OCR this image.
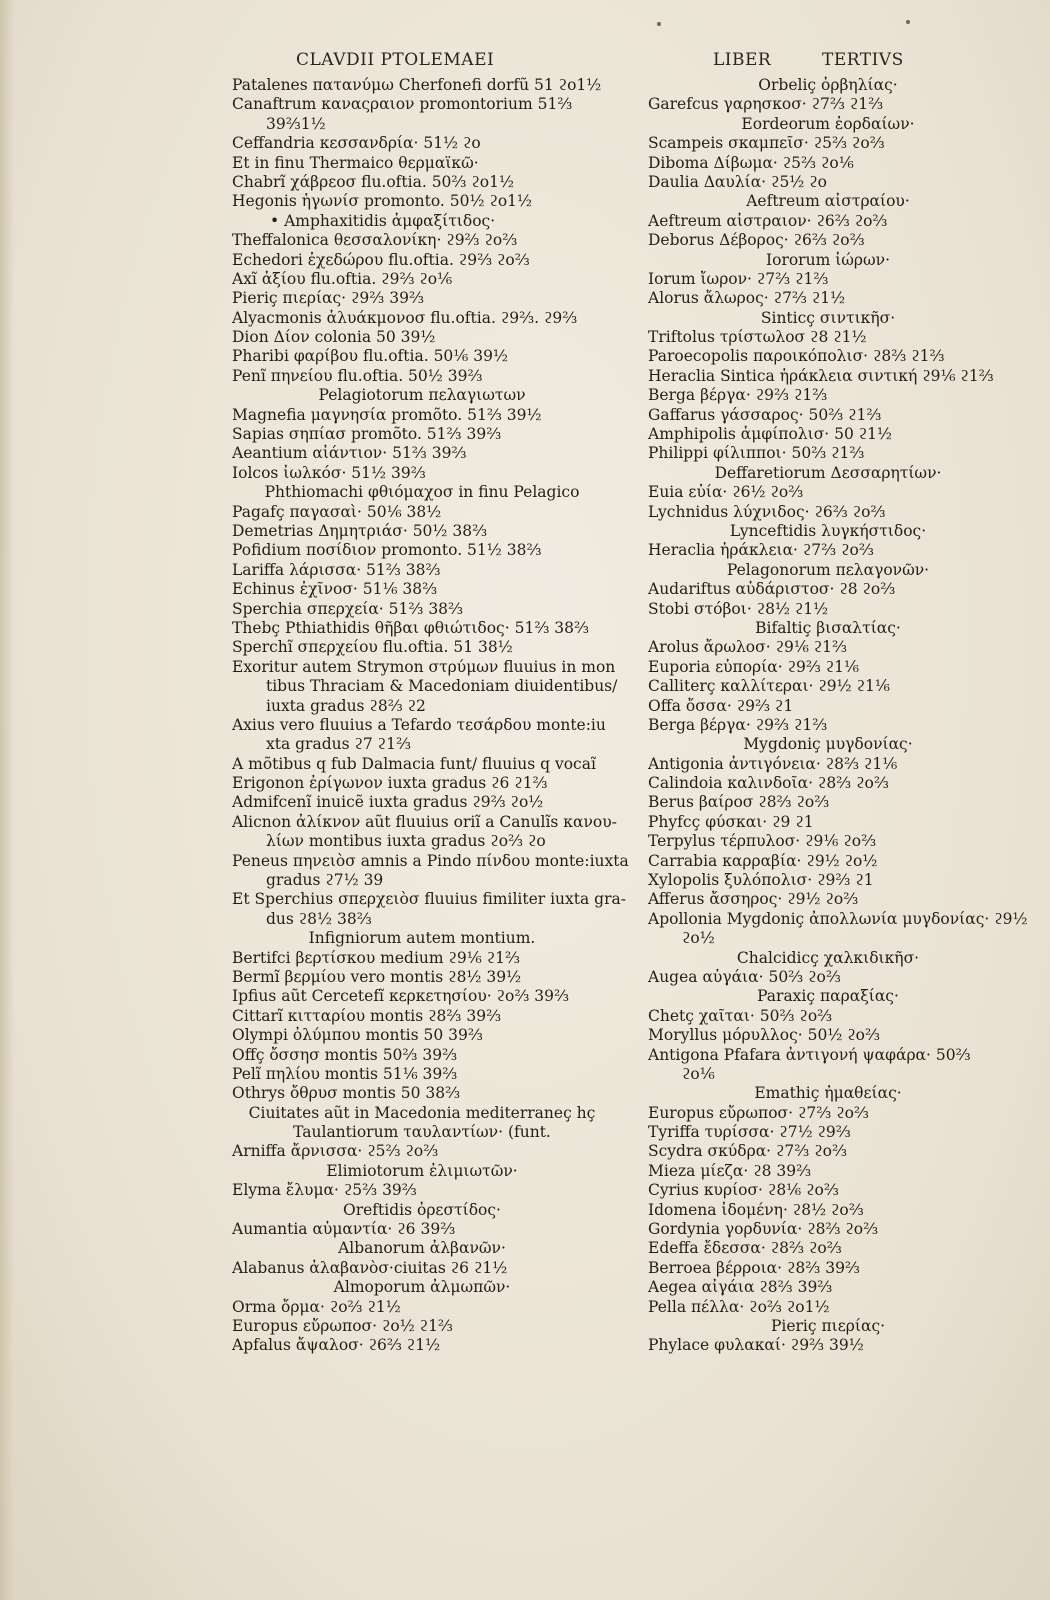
CLAVDII PTOLEMAEI	LIBER	TERTIVS
Patalenes πατανύμω Cherfonefi dorfũ 51 ϩο1½
Canaftrum καναςραιον promontorium 51⅔
39⅔1½
Ceffandria κεσσανδρία· 51½ ϩο
Et in finu Thermaico θερμαϊκῶ·
Chabrĩ χάβρεοσ flu.oftia. 50⅔ ϩο1½
Hegonis ἡγωνίσ promonto. 50½ ϩο1½
• Amphaxitidis ἀμφαξίτιδος·
Theffalonica θεσσαλονίκη· ϩ9⅔ ϩο⅔
Echedori ἐχεδώρου flu.oftia. ϩ9⅔ ϩο⅔
Axĩ ἀξίου flu.oftia. ϩ9⅔ ϩο⅙
Pieriç πιερίας· ϩ9⅔ 39⅔
Alyacmonis ἀλυάκμονοσ flu.oftia. ϩ9⅔. ϩ9⅔
Dion Δίον colonia 50 39½
Pharibi φαρίβου flu.oftia. 50⅙ 39½
Penĩ πηνείου flu.oftia. 50½ 39⅔
Pelagiotorum πελαγιωτων
Magnefia μαγνησία promõto. 51⅔ 39½
Sapias σηπίασ promõto. 51⅔ 39⅔
Aeantium αἰάντιον· 51⅔ 39⅔
Iolcos ἰωλκόσ· 51½ 39⅔
Phthiomachi φθιόμαχοσ in finu Pelagico
Pagafç παγασαὶ· 50⅙ 38½
Demetrias Δημητριάσ· 50½ 38⅔
Pofidium ποσίδιον promonto. 51½ 38⅔
Lariffa λάρισσα· 51⅔ 38⅔
Echinus ἐχῖνοσ· 51⅙ 38⅔
Sperchia σπερχεία· 51⅔ 38⅔
Thebç Pthiathidis θῆβαι φθιώτιδος· 51⅔ 38⅔
Sperchĩ σπερχείου flu.oftia. 51 38½
Exoritur autem Strymon στρύμων fluuius in mon
tibus Thraciam & Macedoniam diuidentibus/
iuxta gradus ϩ8⅔ ϩ2
Axius vero fluuius a Tefardo τεσάρδου monte:iu
xta gradus ϩ7 ϩ1⅔
A mõtibus q fub Dalmacia funt/ fluuius q vocaĩ
Erigonon ἐρίγωνον iuxta gradus ϩ6 ϩ1⅔
Admifcenĩ inuicẽ iuxta gradus ϩ9⅔ ϩο½
Alicnon ἀλίκνον aũt fluuius oriĩ a Canulĩs κανου-
λίων montibus iuxta gradus ϩο⅔ ϩο
Peneus πηνειὸσ amnis a Pindo πίνδου monte:iuxta
gradus ϩ7½ 39
Et Sperchius σπερχειὸσ fluuius fimiliter iuxta gra-
dus ϩ8½ 38⅔
Infigniorum autem montium.
Bertifci βερτίσκου medium ϩ9⅙ ϩ1⅔
Bermĩ βερμίου vero montis ϩ8½ 39½
Ipfius aũt Cercetefĩ κερκετησίου· ϩο⅔ 39⅔
Cittarĩ κιτταρίου montis ϩ8⅔ 39⅔
Olympi ὀλύμπου montis 50 39⅔
Offç ὄσσησ montis 50⅔ 39⅔
Pelĩ πηλίου montis 51⅙ 39⅔
Othrys ὄθρυσ montis 50 38⅔
Ciuitates aũt in Macedonia mediterraneç hç
Taulantiorum ταυλαντίων· (funt.
Arniffa ἄρνισσα· ϩ5⅔ ϩο⅔
Elimiotorum ἐλιμιωτῶν·
Elyma ἔλυμα· ϩ5⅔ 39⅔
Oreftidis ὀρεστίδος·
Aumantia αὐμαντία· ϩ6 39⅔
Albanorum ἀλβανῶν·
Alabanus ἀλαβανὸσ·ciuitas ϩ6 ϩ1½
Almoporum ἀλμωπῶν·
Orma ὄρμα· ϩο⅔ ϩ1½
Europus εὔρωποσ· ϩο½ ϩ1⅔
Apfalus ἄψαλοσ· ϩ6⅔ ϩ1½
Orbeliç ὀρβηλίας·
Garefcus γαρησκοσ· ϩ7⅔ ϩ1⅔
Eordeorum ἐορδαίων·
Scampeis σκαμπεῖσ· ϩ5⅔ ϩο⅔
Diboma Δίβωμα· ϩ5⅔ ϩο⅙
Daulia Δαυλία· ϩ5½ ϩο
Aeftreum αἰστραίου·
Aeftreum αἰστραιον· ϩ6⅔ ϩο⅔
Deborus Δέβορος· ϩ6⅔ ϩο⅔
Iororum ἰώρων·
Iorum ἴωρον· ϩ7⅔ ϩ1⅔
Alorus ἄλωρος· ϩ7⅔ ϩ1½
Sinticç σιντικῆσ·
Triftolus τρίστωλοσ ϩ8 ϩ1½
Paroecopolis παροικόπολισ· ϩ8⅔ ϩ1⅔
Heraclia Sintica ἡράκλεια σιντική ϩ9⅙ ϩ1⅔
Berga βέργα· ϩ9⅔ ϩ1⅔
Gaffarus γάσσαρος· 50⅔ ϩ1⅔
Amphipolis ἀμφίπολισ· 50 ϩ1½
Philippi φίλιπποι· 50⅔ ϩ1⅔
Deffaretiorum Δεσσαρητίων·
Euia εὐία· ϩ6½ ϩο⅔
Lychnidus λύχνιδος· ϩ6⅔ ϩο⅔
Lynceftidis λυγκήστιδος·
Heraclia ἡράκλεια· ϩ7⅔ ϩο⅔
Pelagonorum πελαγονῶν·
Audariftus αὐδάριστοσ· ϩ8 ϩο⅔
Stobi στόβοι· ϩ8½ ϩ1½
Bifaltiç βισαλτίας·
Arolus ἄρωλοσ· ϩ9⅙ ϩ1⅔
Euporia εὐπορία· ϩ9⅔ ϩ1⅙
Calliterç καλλίτεραι· ϩ9½ ϩ1⅙
Offa ὄσσα· ϩ9⅔ ϩ1
Berga βέργα· ϩ9⅔ ϩ1⅔
Mygdoniç μυγδονίας·
Antigonia ἀντιγόνεια· ϩ8⅔ ϩ1⅙
Calindoia καλινδοῖα· ϩ8⅔ ϩο⅔
Berus βαίροσ ϩ8⅔ ϩο⅔
Phyfcç φύσκαι· ϩ9 ϩ1
Terpylus τέρπυλοσ· ϩ9⅙ ϩο⅔
Carrabia καρραβία· ϩ9½ ϩο½
Xylopolis ξυλόπολισ· ϩ9⅔ ϩ1
Afferus ἄσσηρος· ϩ9½ ϩο⅔
Apollonia Mygdoniç ἀπολλωνία μυγδονίας· ϩ9½
ϩο½
Chalcidicç χαλκιδικῆσ·
Augea αὐγάια· 50⅔ ϩο⅔
Paraxiç παραξίας·
Chetç χαῖται· 50⅔ ϩο⅔
Moryllus μόρυλλος· 50½ ϩο⅔
Antigona Pfafara ἀντιγονή ψαφάρα· 50⅔
ϩο⅙
Emathiç ἠμαθείας·
Europus εὔρωποσ· ϩ7⅔ ϩο⅔
Tyriffa τυρίσσα· ϩ7½ ϩ9⅔
Scydra σκύδρα· ϩ7⅔ ϩο⅔
Mieza μίεζα· ϩ8 39⅔
Cyrius κυρίοσ· ϩ8⅙ ϩο⅔
Idomena ἰδομένη· ϩ8½ ϩο⅔
Gordynia γορδυνία· ϩ8⅔ ϩο⅔
Edeffa ἔδεσσα· ϩ8⅔ ϩο⅔
Berroea βέρροια· ϩ8⅔ 39⅔
Aegea αἰγάια ϩ8⅔ 39⅔
Pella πέλλα· ϩο⅔ ϩο1½
Pieriç πιερίας·
Phylace φυλακαί· ϩ9⅔ 39½
